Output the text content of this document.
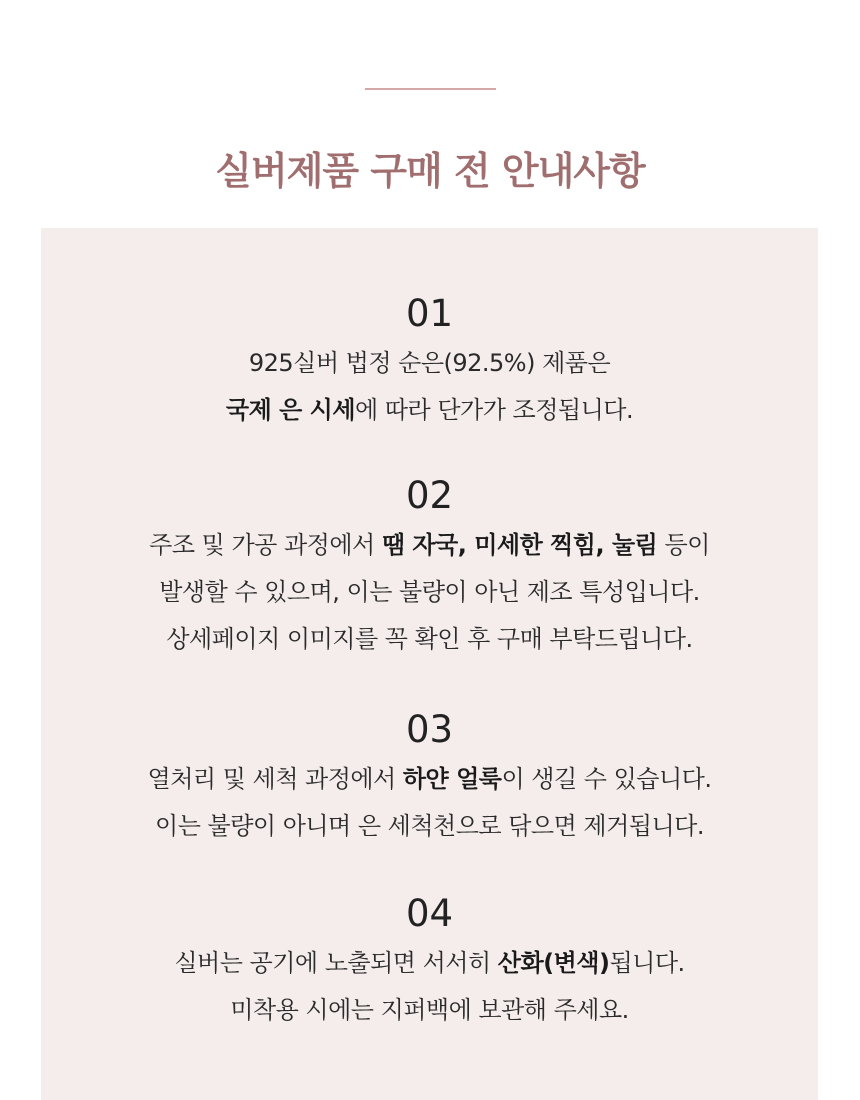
실버제품 구매 전 안내사항
01
925실버 법정 순은(92.5%) 제품은
국제 은 시세에 따라 단가가 조정됩니다.
02
주조 및 가공 과정에서 땜 자국, 미세한 찍힘, 눌림 등이
발생할 수 있으며, 이는 불량이 아닌 제조 특성입니다.
상세페이지 이미지를 꼭 확인 후 구매 부탁드립니다.
03
열처리 및 세척 과정에서 하얀 얼룩이 생길 수 있습니다.
이는 불량이 아니며 은 세척천으로 닦으면 제거됩니다.
04
실버는 공기에 노출되면 서서히 산화(변색)됩니다.
미착용 시에는 지퍼백에 보관해 주세요.
